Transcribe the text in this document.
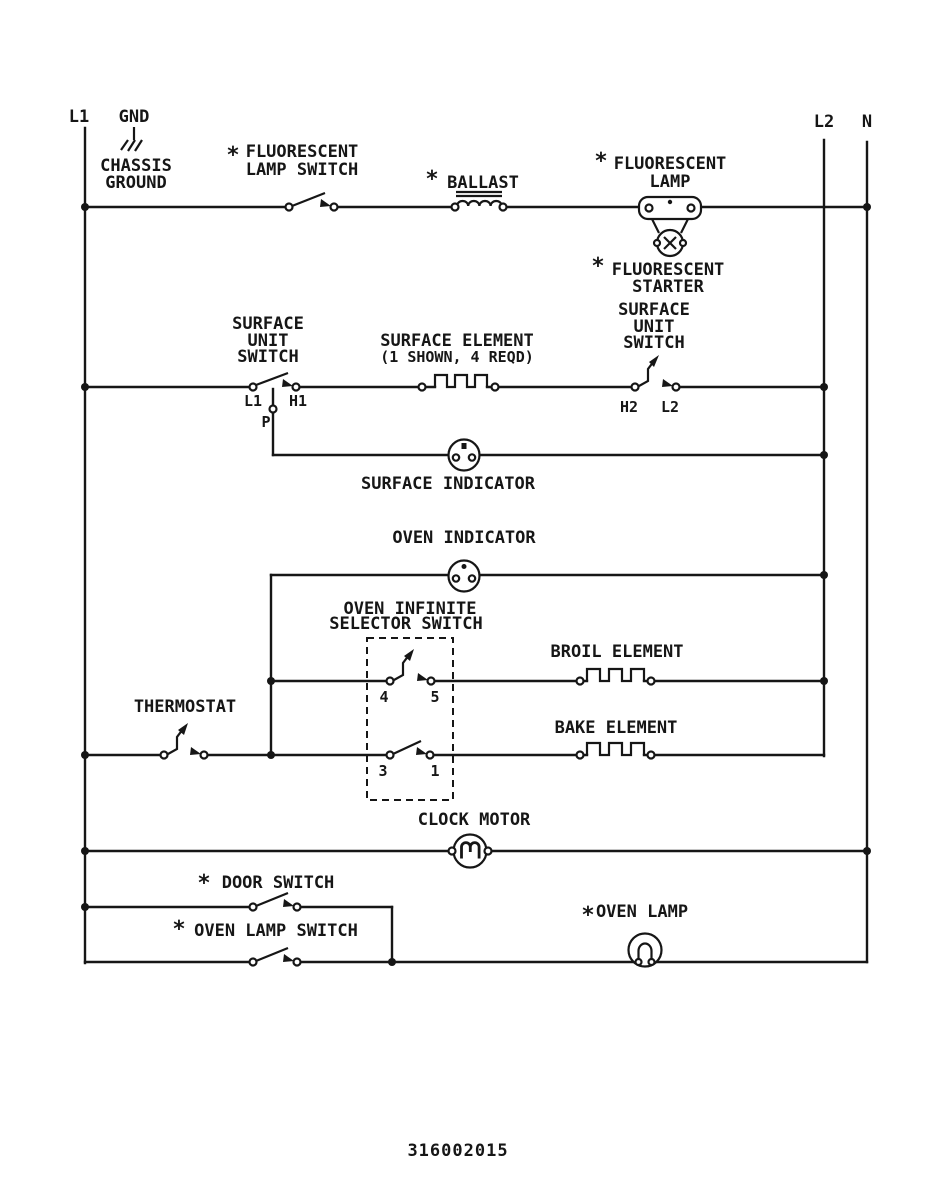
CHASSIS
GROUND
* FLUORESCENT
LAMP SWITCH	* BALLAST
* FLUORESCENT
LAMP
* FLUORESCENT
STARTER
SURFACE
UNIT
SWITCH
L1 H1
P
SURFACE ELEMENT
(1 SHOWN, 4 REQD)
SURFACE
UNIT
SWITCH
H2 L2
SURFACE INDICATOR
OVEN INDICATOR
OVEN INFINITE
SELECTOR SWITCH
4	5
3	1
THERMOSTAT
BROIL ELEMENT
BAKE ELEMENT
CLOCK MOTOR
* DOOR SWITCH
* OVEN LAMP SWITCH
* OVEN LAMP
L1 GND	L2 N
316002015
